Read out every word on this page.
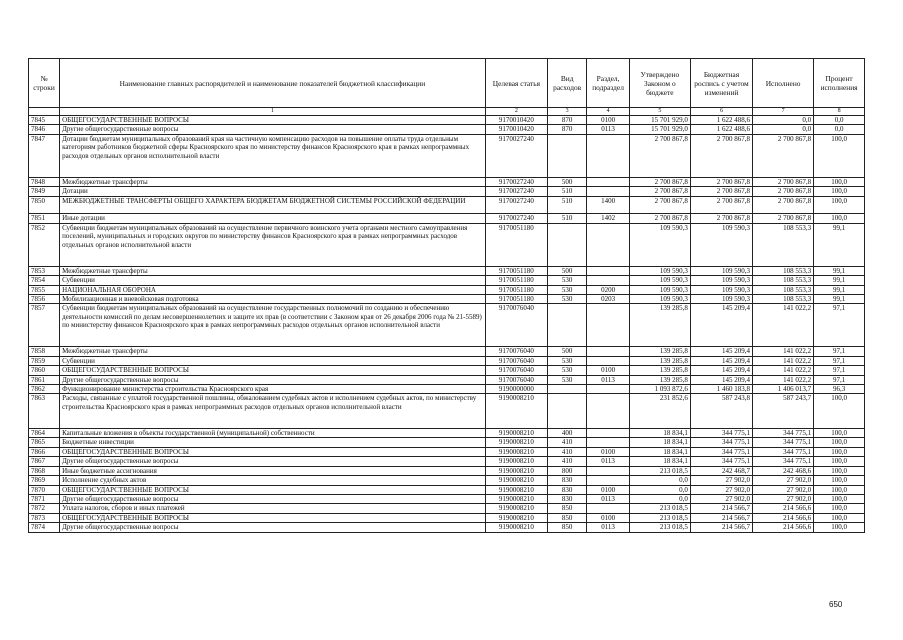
№ строки	Наименование главных распорядителей и наименование показателей бюджетной классификации	Целевая статья	Вид расходов	Раздел, подраздел	Утверждено Законом о бюджете	Бюджетная роспись с учетом изменений	Исполнено	Процент исполнения
	1	2	3	4	5	6	7	8
7845	ОБЩЕГОСУДАРСТВЕННЫЕ ВОПРОСЫ	9170010420	870	0100	15 701 929,0	1 622 488,6	0,0	0,0
7846	Другие общегосударственные вопросы	9170010420	870	0113	15 701 929,0	1 622 488,6	0,0	0,0
7847	Дотации бюджетам муниципальных образований края на частичную компенсацию расходов на повышение оплаты труда отдельным категориям работников бюджетной сферы Красноярского края по министерству финансов Красноярского края в рамках непрограммных расходов отдельных органов исполнительной власти	9170027240			2 700 867,8	2 700 867,8	2 700 867,8	100,0
7848	Межбюджетные трансферты	9170027240	500		2 700 867,8	2 700 867,8	2 700 867,8	100,0
7849	Дотации	9170027240	510		2 700 867,8	2 700 867,8	2 700 867,8	100,0
7850	МЕЖБЮДЖЕТНЫЕ ТРАНСФЕРТЫ ОБЩЕГО ХАРАКТЕРА БЮДЖЕТАМ БЮДЖЕТНОЙ СИСТЕМЫ РОССИЙСКОЙ ФЕДЕРАЦИИ	9170027240	510	1400	2 700 867,8	2 700 867,8	2 700 867,8	100,0
7851	Иные дотации	9170027240	510	1402	2 700 867,8	2 700 867,8	2 700 867,8	100,0
7852	Субвенции бюджетам муниципальных образований на осуществление первичного воинского учета органами местного самоуправления поселений, муниципальных и городских округов по министерству финансов Красноярского края в рамках непрограммных расходов отдельных органов исполнительной власти	9170051180			109 590,3	109 590,3	108 553,3	99,1
7853	Межбюджетные трансферты	9170051180	500		109 590,3	109 590,3	108 553,3	99,1
7854	Субвенции	9170051180	530		109 590,3	109 590,3	108 553,3	99,1
7855	НАЦИОНАЛЬНАЯ ОБОРОНА	9170051180	530	0200	109 590,3	109 590,3	108 553,3	99,1
7856	Мобилизационная и вневойсковая подготовка	9170051180	530	0203	109 590,3	109 590,3	108 553,3	99,1
7857	Субвенции бюджетам муниципальных образований на осуществление государственных полномочий по созданию и обеспечению деятельности комиссий по делам несовершеннолетних и защите их прав (в соответствии с Законом края от 26 декабря 2006 года № 21-5589) по министерству финансов Красноярского края в рамках непрограммных расходов отдельных органов исполнительной власти	9170076040			139 285,8	145 209,4	141 022,2	97,1
7858	Межбюджетные трансферты	9170076040	500		139 285,8	145 209,4	141 022,2	97,1
7859	Субвенции	9170076040	530		139 285,8	145 209,4	141 022,2	97,1
7860	ОБЩЕГОСУДАРСТВЕННЫЕ ВОПРОСЫ	9170076040	530	0100	139 285,8	145 209,4	141 022,2	97,1
7861	Другие общегосударственные вопросы	9170076040	530	0113	139 285,8	145 209,4	141 022,2	97,1
7862	Функционирование министерства строительства Красноярского края	9190000000			1 093 872,6	1 460 183,8	1 406 013,7	96,3
7863	Расходы, связанные с уплатой государственной пошлины, обжалованием судебных актов и исполнением судебных актов, по министерству строительства Красноярского края в рамках непрограммных расходов отдельных органов исполнительной власти	9190008210			231 852,6	587 243,8	587 243,7	100,0
7864	Капитальные вложения в объекты государственной (муниципальной) собственности	9190008210	400		18 834,1	344 775,1	344 775,1	100,0
7865	Бюджетные инвестиции	9190008210	410		18 834,1	344 775,1	344 775,1	100,0
7866	ОБЩЕГОСУДАРСТВЕННЫЕ ВОПРОСЫ	9190008210	410	0100	18 834,1	344 775,1	344 775,1	100,0
7867	Другие общегосударственные вопросы	9190008210	410	0113	18 834,1	344 775,1	344 775,1	100,0
7868	Иные бюджетные ассигнования	9190008210	800		213 018,5	242 468,7	242 468,6	100,0
7869	Исполнение судебных актов	9190008210	830		0,0	27 902,0	27 902,0	100,0
7870	ОБЩЕГОСУДАРСТВЕННЫЕ ВОПРОСЫ	9190008210	830	0100	0,0	27 902,0	27 902,0	100,0
7871	Другие общегосударственные вопросы	9190008210	830	0113	0,0	27 902,0	27 902,0	100,0
7872	Уплата налогов, сборов и иных платежей	9190008210	850		213 018,5	214 566,7	214 566,6	100,0
7873	ОБЩЕГОСУДАРСТВЕННЫЕ ВОПРОСЫ	9190008210	850	0100	213 018,5	214 566,7	214 566,6	100,0
7874	Другие общегосударственные вопросы	9190008210	850	0113	213 018,5	214 566,7	214 566,6	100,0
650
